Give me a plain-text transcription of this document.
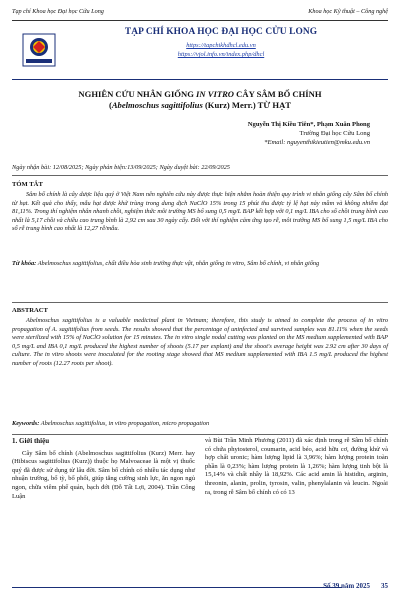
Tạp chí Khoa học Đại học Cửu Long	Khoa học Kỹ thuật – Công nghệ
TẠP CHÍ KHOA HỌC ĐẠI HỌC CỬU LONG
https://tapchikhdhcl.edu.vn
https://vjol.info.vn/index.php/dhcl
NGHIÊN CỨU NHÂN GIỐNG IN VITRO CÂY SÂM BỐ CHÍNH
(Abelmoschus sagittifolius (Kurz) Merr.) TỪ HẠT
Nguyễn Thị Kiều Tiên*, Phạm Xuân Phong
Trường Đại học Cửu Long
*Email: nguyenthikieutien@mku.edu.vn
Ngày nhận bài: 12/08/2025; Ngày phản biện:13/09/2025; Ngày duyệt bài: 22/09/2025
TÓM TẮT
Sâm bố chính là cây dược liệu quý ở Việt Nam nên nghiên cứu này được thực hiện nhằm hoàn thiện quy trình vi nhân giống cây Sâm bố chính từ hạt. Kết quả cho thấy, mẫu hạt được khử trùng trong dung dịch NaClO 15% trong 15 phút thu được tỷ lệ hạt nảy mầm và không nhiễm đạt 81,11%. Trong thí nghiệm nhân nhanh chồi, nghiệm thức môi trường MS bổ sung 0,5 mg/L BAP kết hợp với 0,1 mg/L IBA cho số chồi trung bình cao nhất là 5,17 chồi và chiều cao trung bình là 2,92 cm sau 30 ngày cấy. Đối với thí nghiệm cảm ứng tạo rễ, môi trường MS bổ sung 1,5 mg/L IBA cho số rễ trung bình cao nhất là 12,27 rễ/mẫu.
Từ khóa: Abelmoschus sagittifolius, chất điều hòa sinh trưởng thực vật, nhân giống in vitro, Sâm bố chính, vi nhân giống
ABSTRACT
Abelmoschus sagittifolius is a valuable medicinal plant in Vietnam; therefore, this study is aimed to complete the process of in vitro propagation of A. sagittifolius from seeds. The results showed that the percentage of uninfected and survived samples was 81.11% when the seeds were sterilized with 15% of NaClO solution for 15 minutes. The in vitro single nodal cutting was planted on the MS medium supplemented with BAP 0,5 mg/L and IBA 0,1 mg/L produced the highest number of shoots (5.17 per explant) and the shoot's average height was 2.92 cm after 30 days of culture. The in vitro shoots were inoculated for the rooting stage showed that MS medium supplemented with IBA 1.5 mg/L produced the highest number of roots (12.27 roots per shoot).
Keywords: Abelmoschus sagittifolius, in vitro propagation, micro propagation
1. Giới thiệu

Cây Sâm bố chính (Abelmoschus sagittifolius (Kurz) Merr. hay (Hibiscus sagittifolius (Kurz)) thuộc họ Malvoaceae là một vị thuốc quý đã được sử dụng từ lâu đời. Sâm bố chính có nhiều tác dụng như nhuận trường, bổ tỳ, bổ phổi, giúp tăng cường sinh lực, ăn ngon ngủ ngon, chữa viêm phế quản, bạch đới (Đỗ Tất Lợi, 2004). Trần Công Luận

và Bùi Trần Minh Phương (2011) đã xác định trong rễ Sâm bố chính có chứa phytosterol, coumarin, acid béo, acid hữu cơ, đường khử và hợp chất uronic; hàm lượng lipid là 3,96%; hàm lượng protein toàn phần là 0,23%; hàm lượng protein là 1,26%; hàm lượng tinh bột là 15,14% và chất nhầy là 18,92%. Các acid amin là histidin, arginin, threonin, alanin, prolin, tyrosin, valin, phenylalanin và leucin. Ngoài ra, trong rễ Sâm bố chính có có 13

Số 39 năm 2025 35
